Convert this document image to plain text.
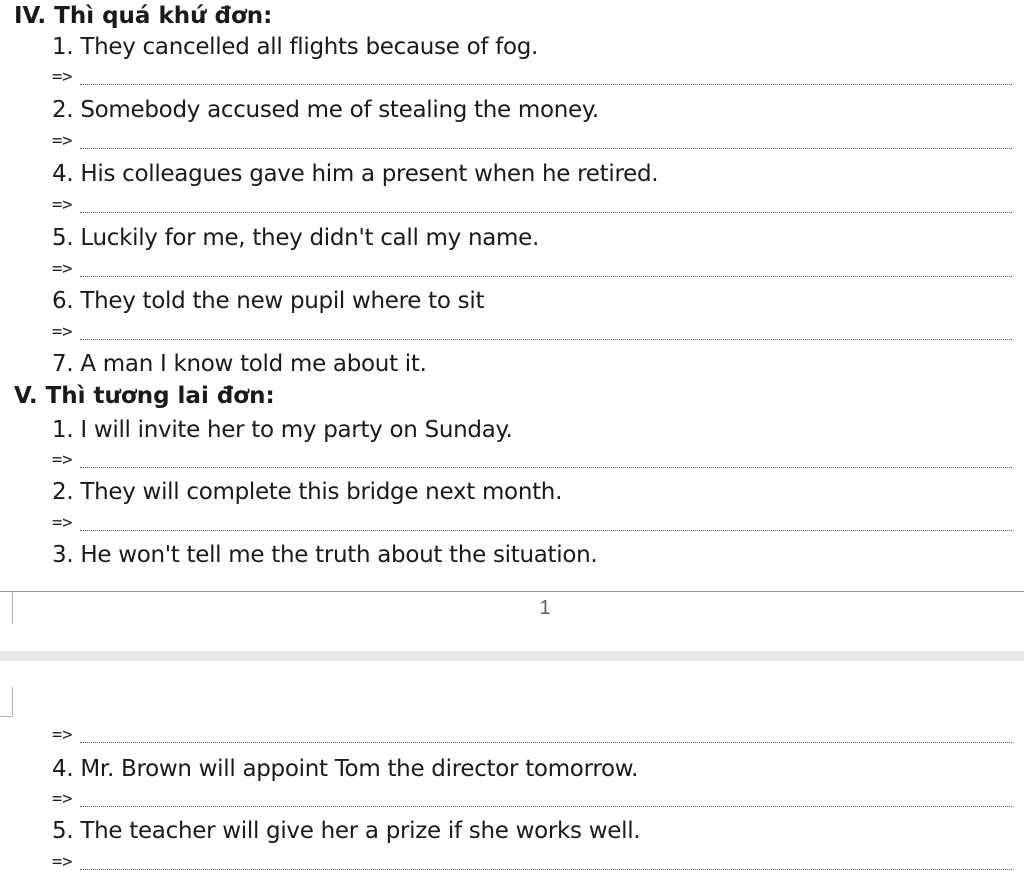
IV. Thì quá khứ đơn:
1. They cancelled all flights because of fog.
=>
2. Somebody accused me of stealing the money.
=>
4. His colleagues gave him a present when he retired.
=>
5. Luckily for me, they didn't call my name.
=>
6. They told the new pupil where to sit
=>
7. A man I know told me about it.
V. Thì tương lai đơn:
1. I will invite her to my party on Sunday.
=>
2. They will complete this bridge next month.
=>
3. He won't tell me the truth about the situation.
1
=>
4. Mr. Brown will appoint Tom the director tomorrow.
=>
5. The teacher will give her a prize if she works well.
=>
